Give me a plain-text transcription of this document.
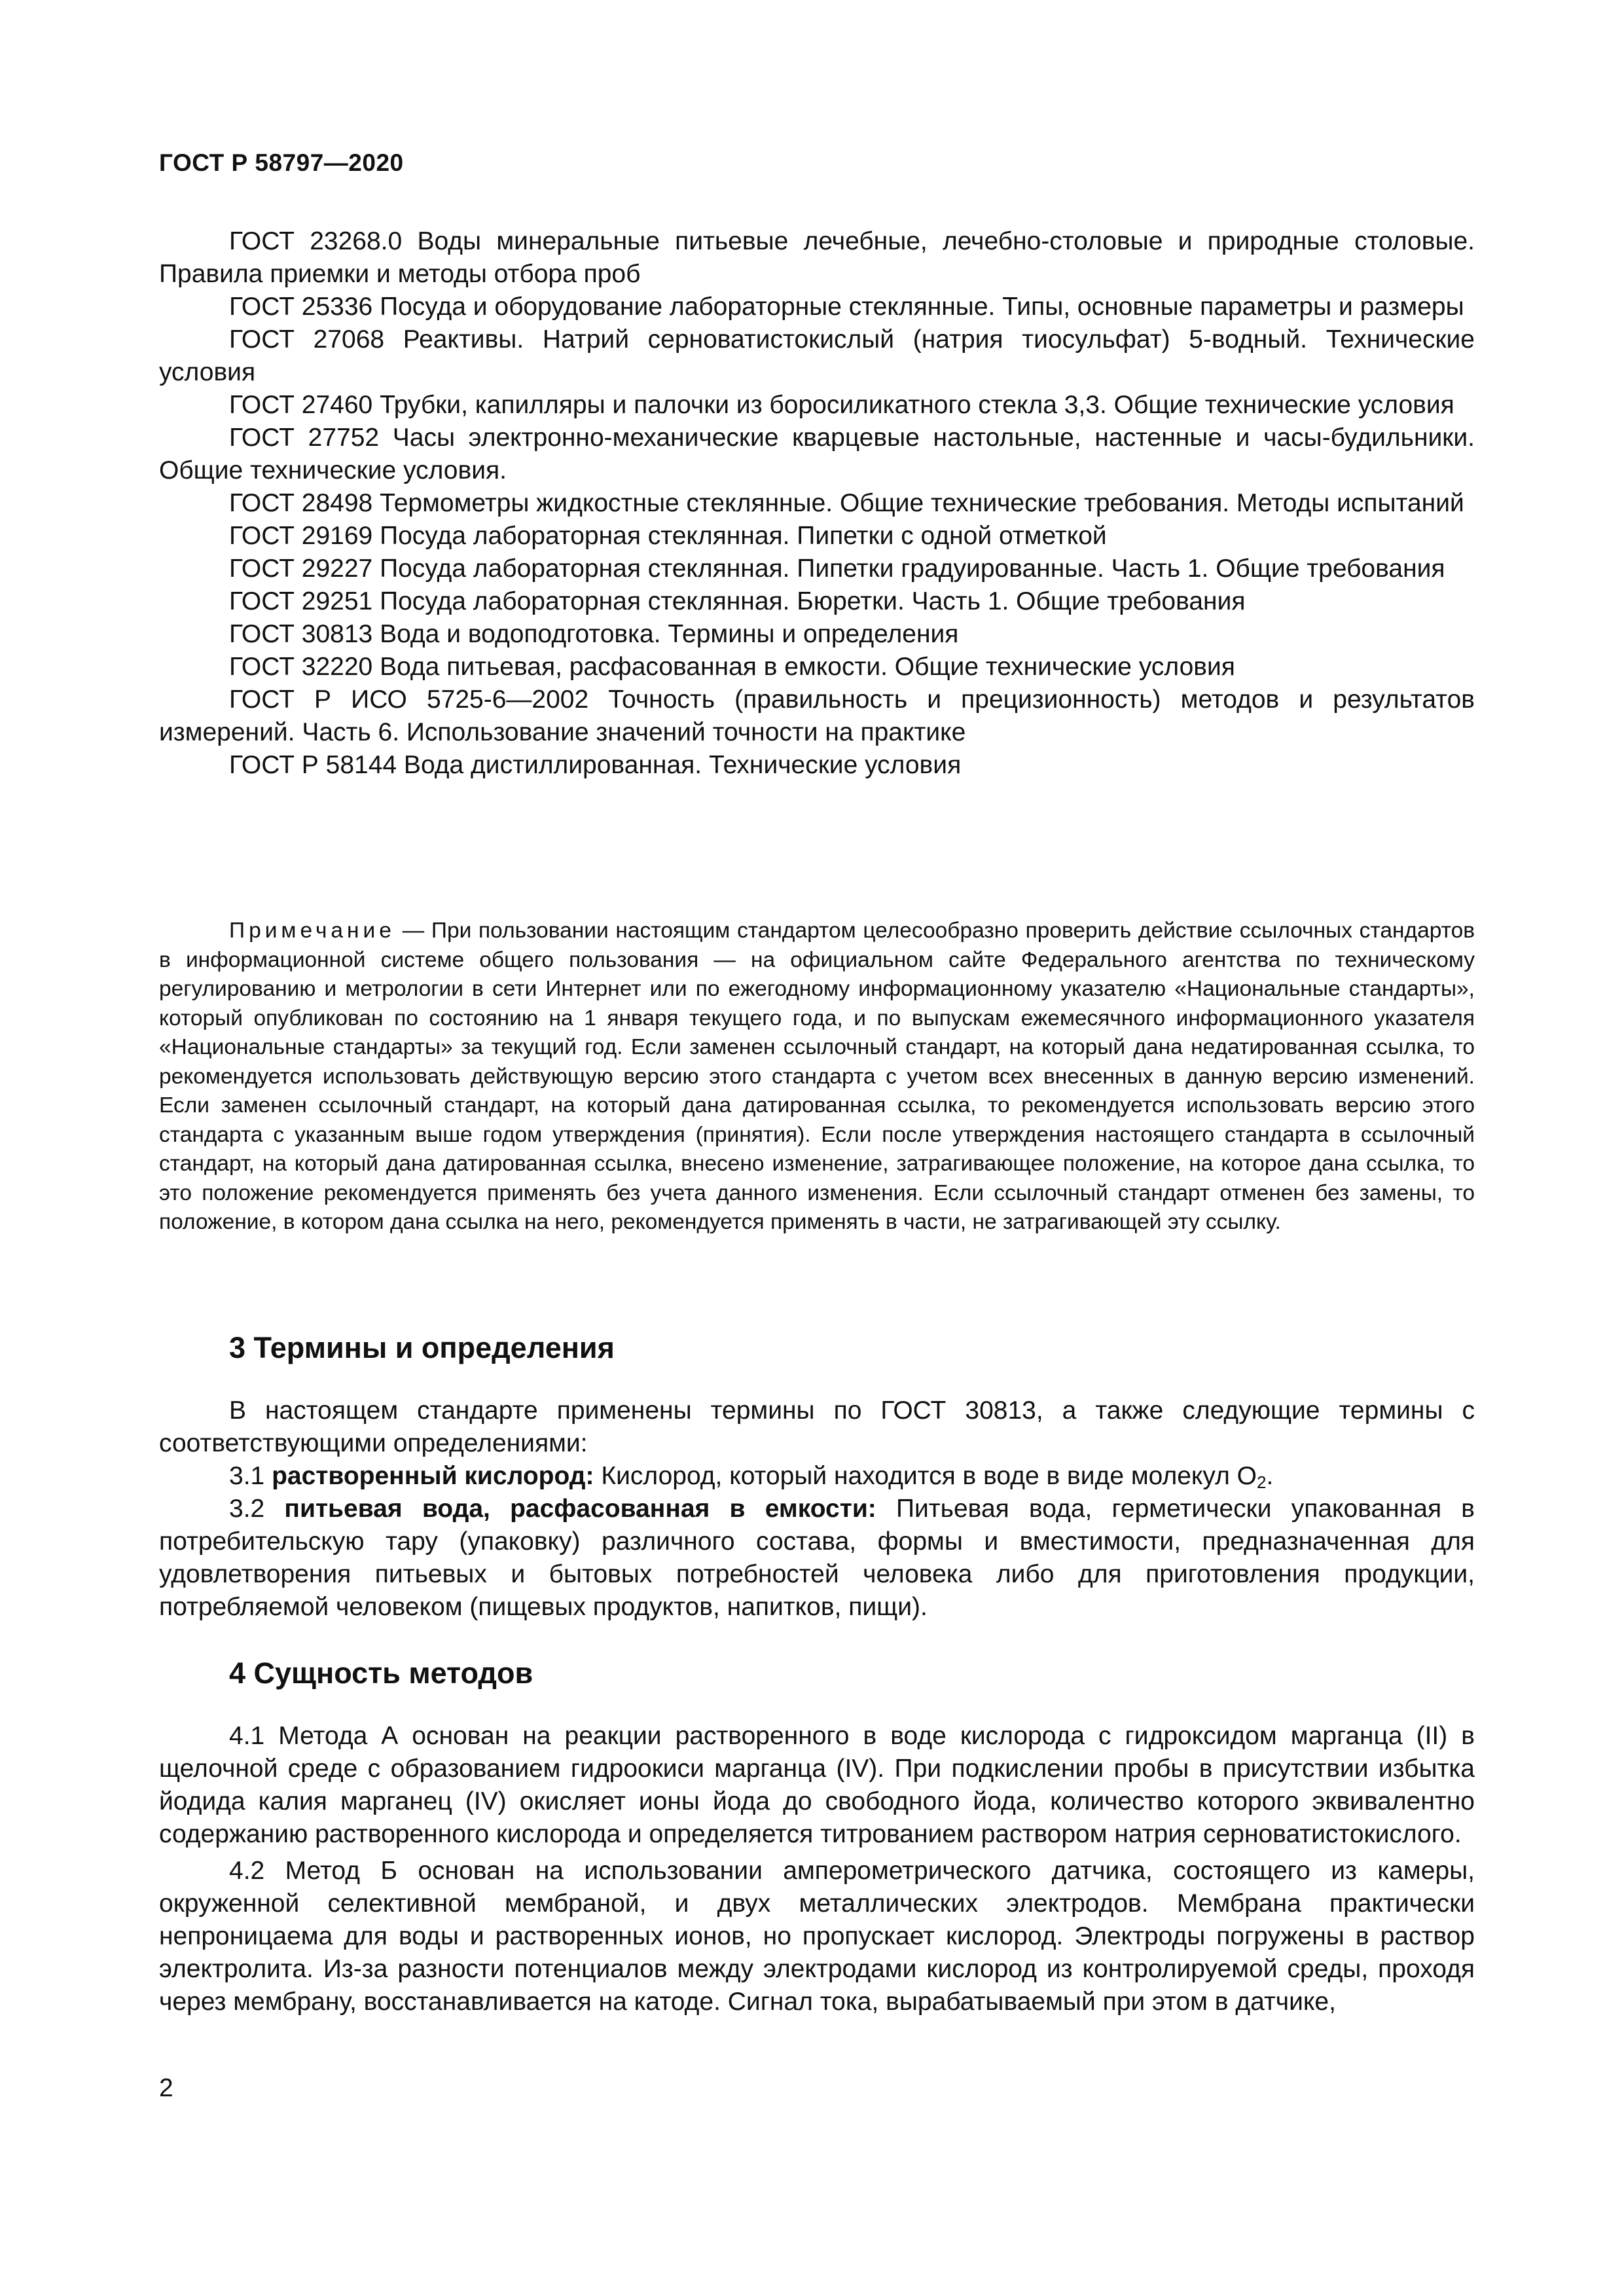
ГОСТ Р 58797—2020

ГОСТ 23268.0 Воды минеральные питьевые лечебные, лечебно-столовые и природные столовые. Правила приемки и методы отбора проб

ГОСТ 25336 Посуда и оборудование лабораторные стеклянные. Типы, основные параметры и размеры

ГОСТ 27068 Реактивы. Натрий серноватистокислый (натрия тиосульфат) 5-водный. Технические условия

ГОСТ 27460 Трубки, капилляры и палочки из боросиликатного стекла 3,3. Общие технические условия

ГОСТ 27752 Часы электронно-механические кварцевые настольные, настенные и часы-будильники. Общие технические условия.

ГОСТ 28498 Термометры жидкостные стеклянные. Общие технические требования. Методы испытаний

ГОСТ 29169 Посуда лабораторная стеклянная. Пипетки с одной отметкой

ГОСТ 29227 Посуда лабораторная стеклянная. Пипетки градуированные. Часть 1. Общие требования

ГОСТ 29251 Посуда лабораторная стеклянная. Бюретки. Часть 1. Общие требования

ГОСТ 30813 Вода и водоподготовка. Термины и определения

ГОСТ 32220 Вода питьевая, расфасованная в емкости. Общие технические условия

ГОСТ Р ИСО 5725-6—2002 Точность (правильность и прецизионность) методов и результатов измерений. Часть 6. Использование значений точности на практике

ГОСТ Р 58144 Вода дистиллированная. Технические условия

Примечание — При пользовании настоящим стандартом целесообразно проверить действие ссылочных стандартов в информационной системе общего пользования — на официальном сайте Федерального агентства по техническому регулированию и метрологии в сети Интернет или по ежегодному информационному указателю «Национальные стандарты», который опубликован по состоянию на 1 января текущего года, и по выпускам ежемесячного информационного указателя «Национальные стандарты» за текущий год. Если заменен ссылочный стандарт, на который дана недатированная ссылка, то рекомендуется использовать действующую версию этого стандарта с учетом всех внесенных в данную версию изменений. Если заменен ссылочный стандарт, на который дана датированная ссылка, то рекомендуется использовать версию этого стандарта с указанным выше годом утверждения (принятия). Если после утверждения настоящего стандарта в ссылочный стандарт, на который дана датированная ссылка, внесено изменение, затрагивающее положение, на которое дана ссылка, то это положение рекомендуется применять без учета данного изменения. Если ссылочный стандарт отменен без замены, то положение, в котором дана ссылка на него, рекомендуется применять в части, не затрагивающей эту ссылку.

3 Термины и определения

В настоящем стандарте применены термины по ГОСТ 30813, а также следующие термины с соответствующими определениями:

3.1 растворенный кислород: Кислород, который находится в воде в виде молекул $O_2$.

3.2 питьевая вода, расфасованная в емкости: Питьевая вода, герметически упакованная в потребительскую тару (упаковку) различного состава, формы и вместимости, предназначенная для удовлетворения питьевых и бытовых потребностей человека либо для приготовления продукции, потребляемой человеком (пищевых продуктов, напитков, пищи).

4 Сущность методов

4.1 Метода А основан на реакции растворенного в воде кислорода с гидроксидом марганца (II) в щелочной среде с образованием гидроокиси марганца (IV). При подкислении пробы в присутствии избытка йодида калия марганец (IV) окисляет ионы йода до свободного йода, количество которого эквивалентно содержанию растворенного кислорода и определяется титрованием раствором натрия серноватистокислого.

4.2 Метод Б основан на использовании амперометрического датчика, состоящего из камеры, окруженной селективной мембраной, и двух металлических электродов. Мембрана практически непроницаема для воды и растворенных ионов, но пропускает кислород. Электроды погружены в раствор электролита. Из-за разности потенциалов между электродами кислород из контролируемой среды, проходя через мембрану, восстанавливается на катоде. Сигнал тока, вырабатываемый при этом в датчике,

2
